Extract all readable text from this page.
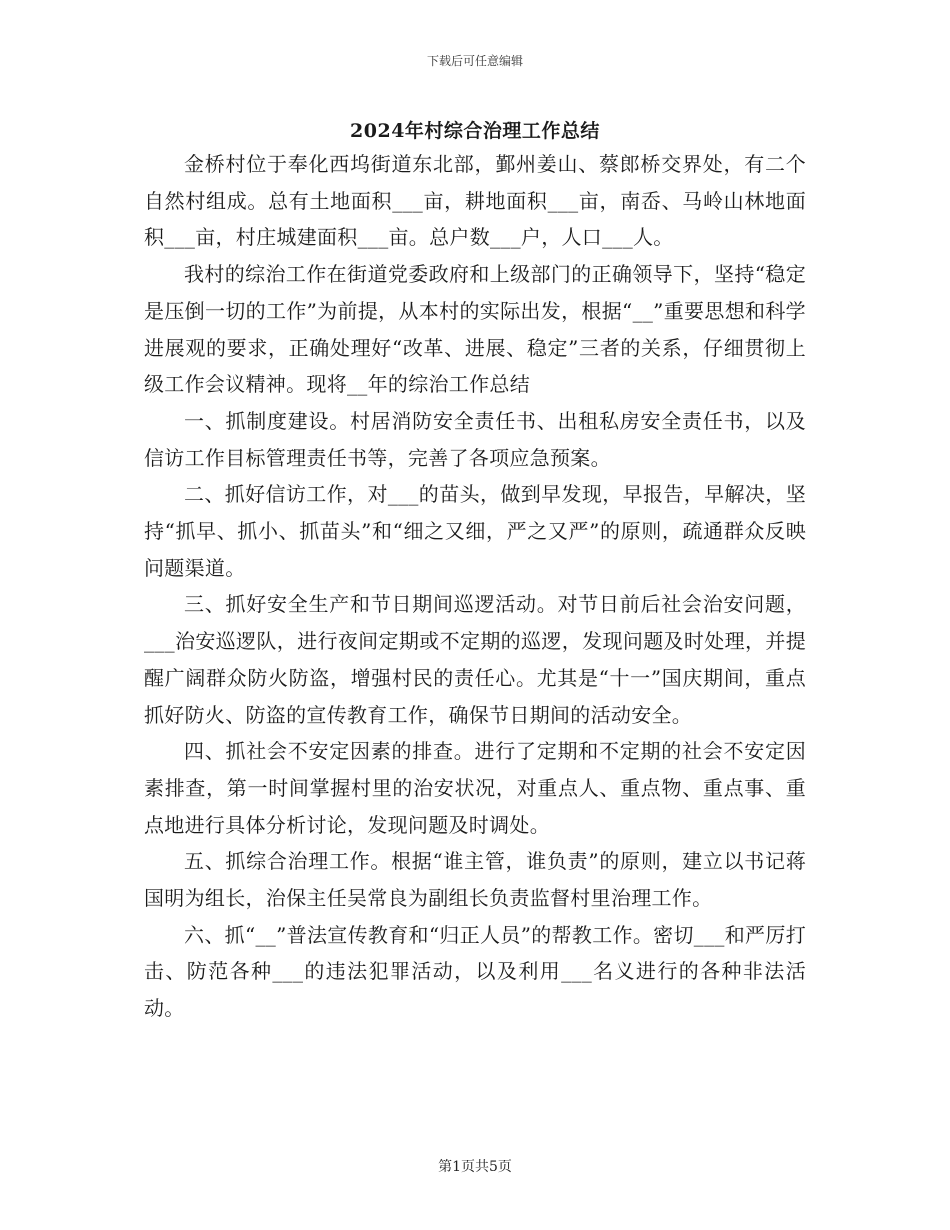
下载后可任意编辑
2024年村综合治理工作总结

金桥村位于奉化西坞街道东北部，鄞州姜山、蔡郎桥交界处，有二个自然村组成。总有土地面积___亩，耕地面积___亩，南岙、马岭山林地面积___亩，村庄城建面积___亩。总户数___户，人口___人。

我村的综治工作在街道党委政府和上级部门的正确领导下，坚持“稳定是压倒一切的工作”为前提，从本村的实际出发，根据“__”重要思想和科学进展观的要求，正确处理好“改革、进展、稳定”三者的关系，仔细贯彻上级工作会议精神。现将__年的综治工作总结

一、抓制度建设。村居消防安全责任书、出租私房安全责任书，以及信访工作目标管理责任书等，完善了各项应急预案。

二、抓好信访工作，对___的苗头，做到早发现，早报告，早解决，坚持“抓早、抓小、抓苗头”和“细之又细，严之又严”的原则，疏通群众反映问题渠道。

三、抓好安全生产和节日期间巡逻活动。对节日前后社会治安问题，___治安巡逻队，进行夜间定期或不定期的巡逻，发现问题及时处理，并提醒广阔群众防火防盗，增强村民的责任心。尤其是“十一”国庆期间，重点抓好防火、防盗的宣传教育工作，确保节日期间的活动安全。

四、抓社会不安定因素的排查。进行了定期和不定期的社会不安定因素排查，第一时间掌握村里的治安状况，对重点人、重点物、重点事、重点地进行具体分析讨论，发现问题及时调处。

五、抓综合治理工作。根据“谁主管，谁负责”的原则，建立以书记蒋国明为组长，治保主任吴常良为副组长负责监督村里治理工作。

六、抓“__”普法宣传教育和“归正人员”的帮教工作。密切___和严厉打击、防范各种___的违法犯罪活动，以及利用___名义进行的各种非法活动。

第1页共5页
